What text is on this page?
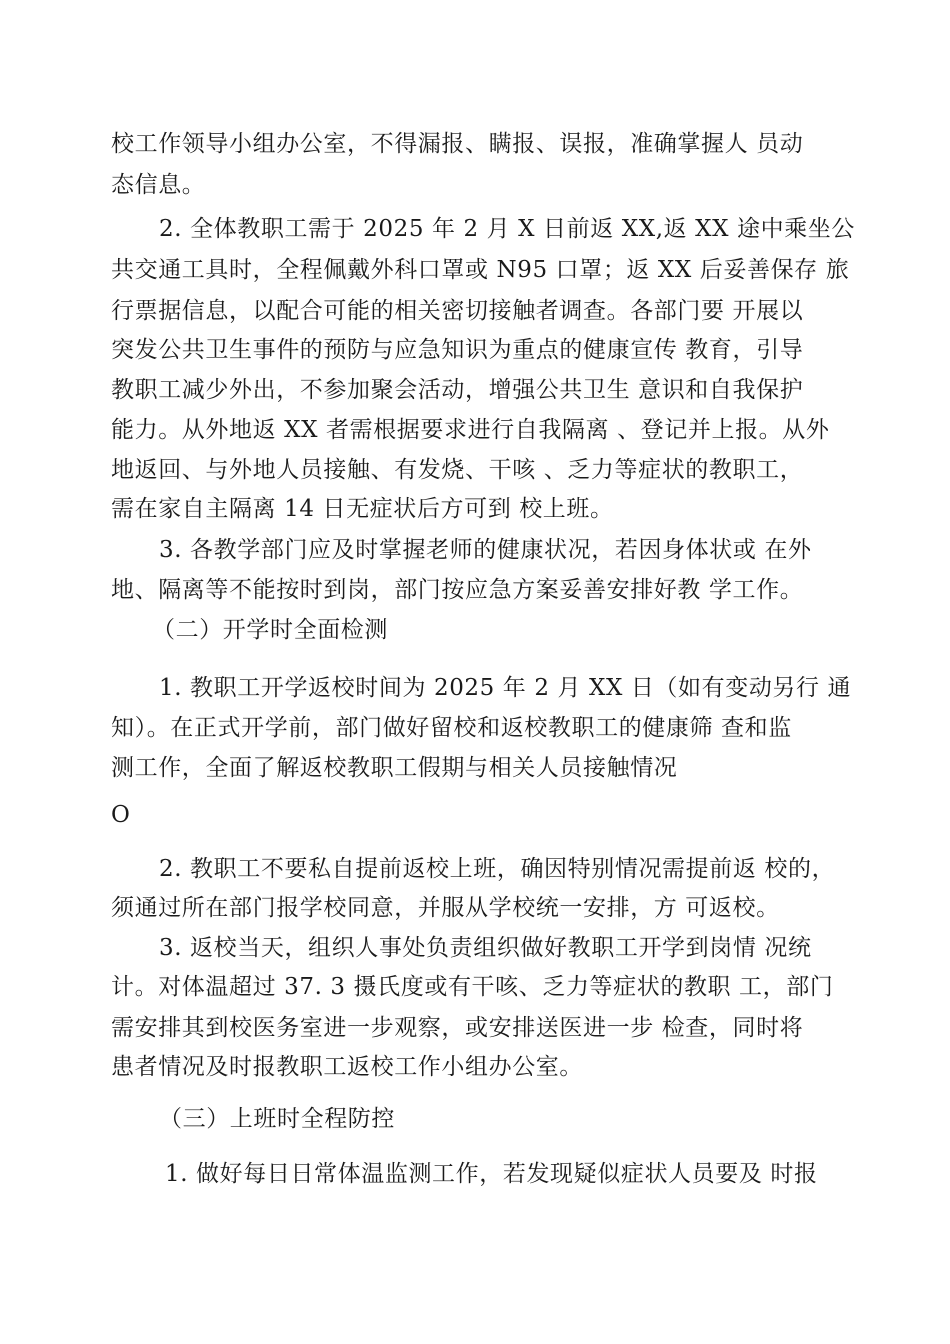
校工作领导小组办公室，不得漏报、瞒报、误报，准确掌握人 员动
态信息。
2. 全体教职工需于 2025 年 2 月 X 日前返 XX,返 XX 途中乘坐公
共交通工具时，全程佩戴外科口罩或 N95 口罩；返 XX 后妥善保存 旅
行票据信息，以配合可能的相关密切接触者调查。各部门要 开展以
突发公共卫生事件的预防与应急知识为重点的健康宣传 教育，引导
教职工减少外出，不参加聚会活动，增强公共卫生 意识和自我保护
能力。从外地返 XX 者需根据要求进行自我隔离 、登记并上报。从外
地返回、与外地人员接触、有发烧、干咳 、乏力等症状的教职工，
需在家自主隔离 14 日无症状后方可到 校上班。
3. 各教学部门应及时掌握老师的健康状况，若因身体状或 在外
地、隔离等不能按时到岗，部门按应急方案妥善安排好教 学工作。
（二）开学时全面检测
1. 教职工开学返校时间为 2025 年 2 月 XX 日（如有变动另行 通
知）。在正式开学前，部门做好留校和返校教职工的健康筛 查和监
测工作，全面了解返校教职工假期与相关人员接触情况
O
2. 教职工不要私自提前返校上班，确因特别情况需提前返 校的，
须通过所在部门报学校同意，并服从学校统一安排，方 可返校。
3. 返校当天，组织人事处负责组织做好教职工开学到岗情 况统
计。对体温超过 37. 3 摄氏度或有干咳、乏力等症状的教职 工，部门
需安排其到校医务室进一步观察，或安排送医进一步 检查，同时将
患者情况及时报教职工返校工作小组办公室。
（三）上班时全程防控
1. 做好每日日常体温监测工作，若发现疑似症状人员要及 时报
